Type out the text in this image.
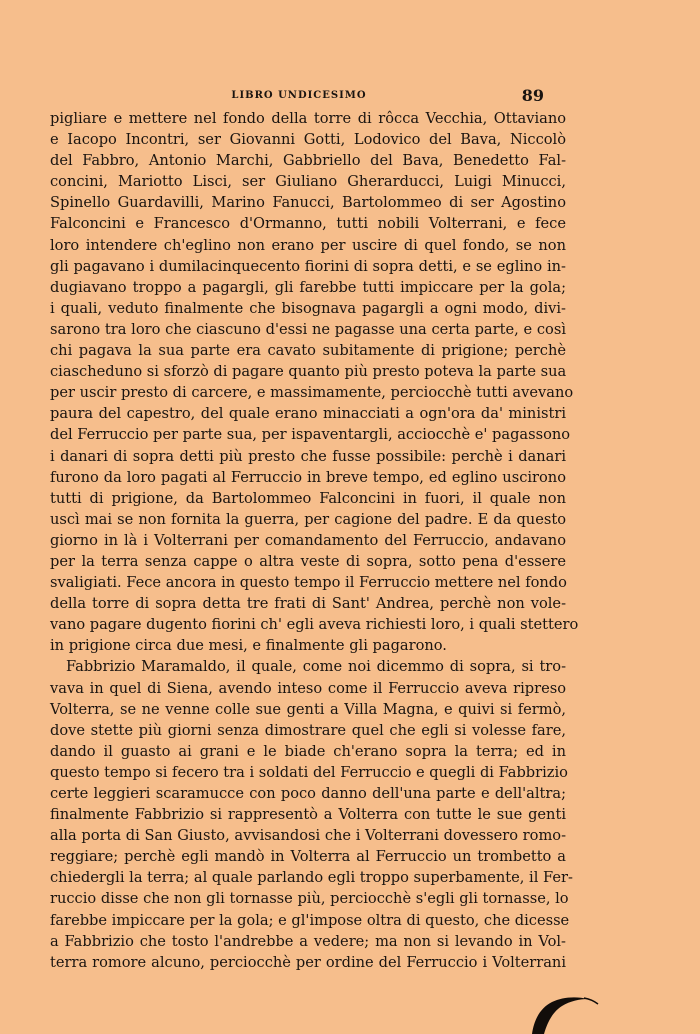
LIBRO UNDICESIMO	89
pigliare e mettere nel fondo della torre di rôcca Vecchia, Ottaviano
e Iacopo Incontri, ser Giovanni Gotti, Lodovico del Bava, Niccolò
del Fabbro, Antonio Marchi, Gabbriello del Bava, Benedetto Fal-
concini, Mariotto Lisci, ser Giuliano Gherarducci, Luigi Minucci,
Spinello Guardavilli, Marino Fanucci, Bartolommeo di ser Agostino
Falconcini e Francesco d'Ormanno, tutti nobili Volterrani, e fece
loro intendere ch'eglino non erano per uscire di quel fondo, se non
gli pagavano i dumilacinquecento fiorini di sopra detti, e se eglino in-
dugiavano troppo a pagargli, gli farebbe tutti impiccare per la gola;
i quali, veduto finalmente che bisognava pagargli a ogni modo, divi-
sarono tra loro che ciascuno d'essi ne pagasse una certa parte, e così
chi pagava la sua parte era cavato subitamente di prigione; perchè
ciascheduno si sforzò di pagare quanto più presto poteva la parte sua
per uscir presto di carcere, e massimamente, perciocchè tutti avevano
paura del capestro, del quale erano minacciati a ogn'ora da' ministri
del Ferruccio per parte sua, per ispaventargli, acciocchè e' pagassono
i danari di sopra detti più presto che fusse possibile: perchè i danari
furono da loro pagati al Ferruccio in breve tempo, ed eglino uscirono
tutti di prigione, da Bartolommeo Falconcini in fuori, il quale non
uscì mai se non fornita la guerra, per cagione del padre. E da questo
giorno in là i Volterrani per comandamento del Ferruccio, andavano
per la terra senza cappe o altra veste di sopra, sotto pena d'essere
svaligiati. Fece ancora in questo tempo il Ferruccio mettere nel fondo
della torre di sopra detta tre frati di Sant' Andrea, perchè non vole-
vano pagare dugento fiorini ch' egli aveva richiesti loro, i quali stettero
in prigione circa due mesi, e finalmente gli pagarono.
Fabbrizio Maramaldo, il quale, come noi dicemmo di sopra, si tro-
vava in quel di Siena, avendo inteso come il Ferruccio aveva ripreso
Volterra, se ne venne colle sue genti a Villa Magna, e quivi si fermò,
dove stette più giorni senza dimostrare quel che egli si volesse fare,
dando il guasto ai grani e le biade ch'erano sopra la terra; ed in
questo tempo si fecero tra i soldati del Ferruccio e quegli di Fabbrizio
certe leggieri scaramucce con poco danno dell'una parte e dell'altra;
finalmente Fabbrizio si rappresentò a Volterra con tutte le sue genti
alla porta di San Giusto, avvisandosi che i Volterrani dovessero romo-
reggiare; perchè egli mandò in Volterra al Ferruccio un trombetto a
chiedergli la terra; al quale parlando egli troppo superbamente, il Fer-
ruccio disse che non gli tornasse più, perciocchè s'egli gli tornasse, lo
farebbe impiccare per la gola; e gl'impose oltra di questo, che dicesse
a Fabbrizio che tosto l'andrebbe a vedere; ma non si levando in Vol-
terra romore alcuno, perciocchè per ordine del Ferruccio i Volterrani
